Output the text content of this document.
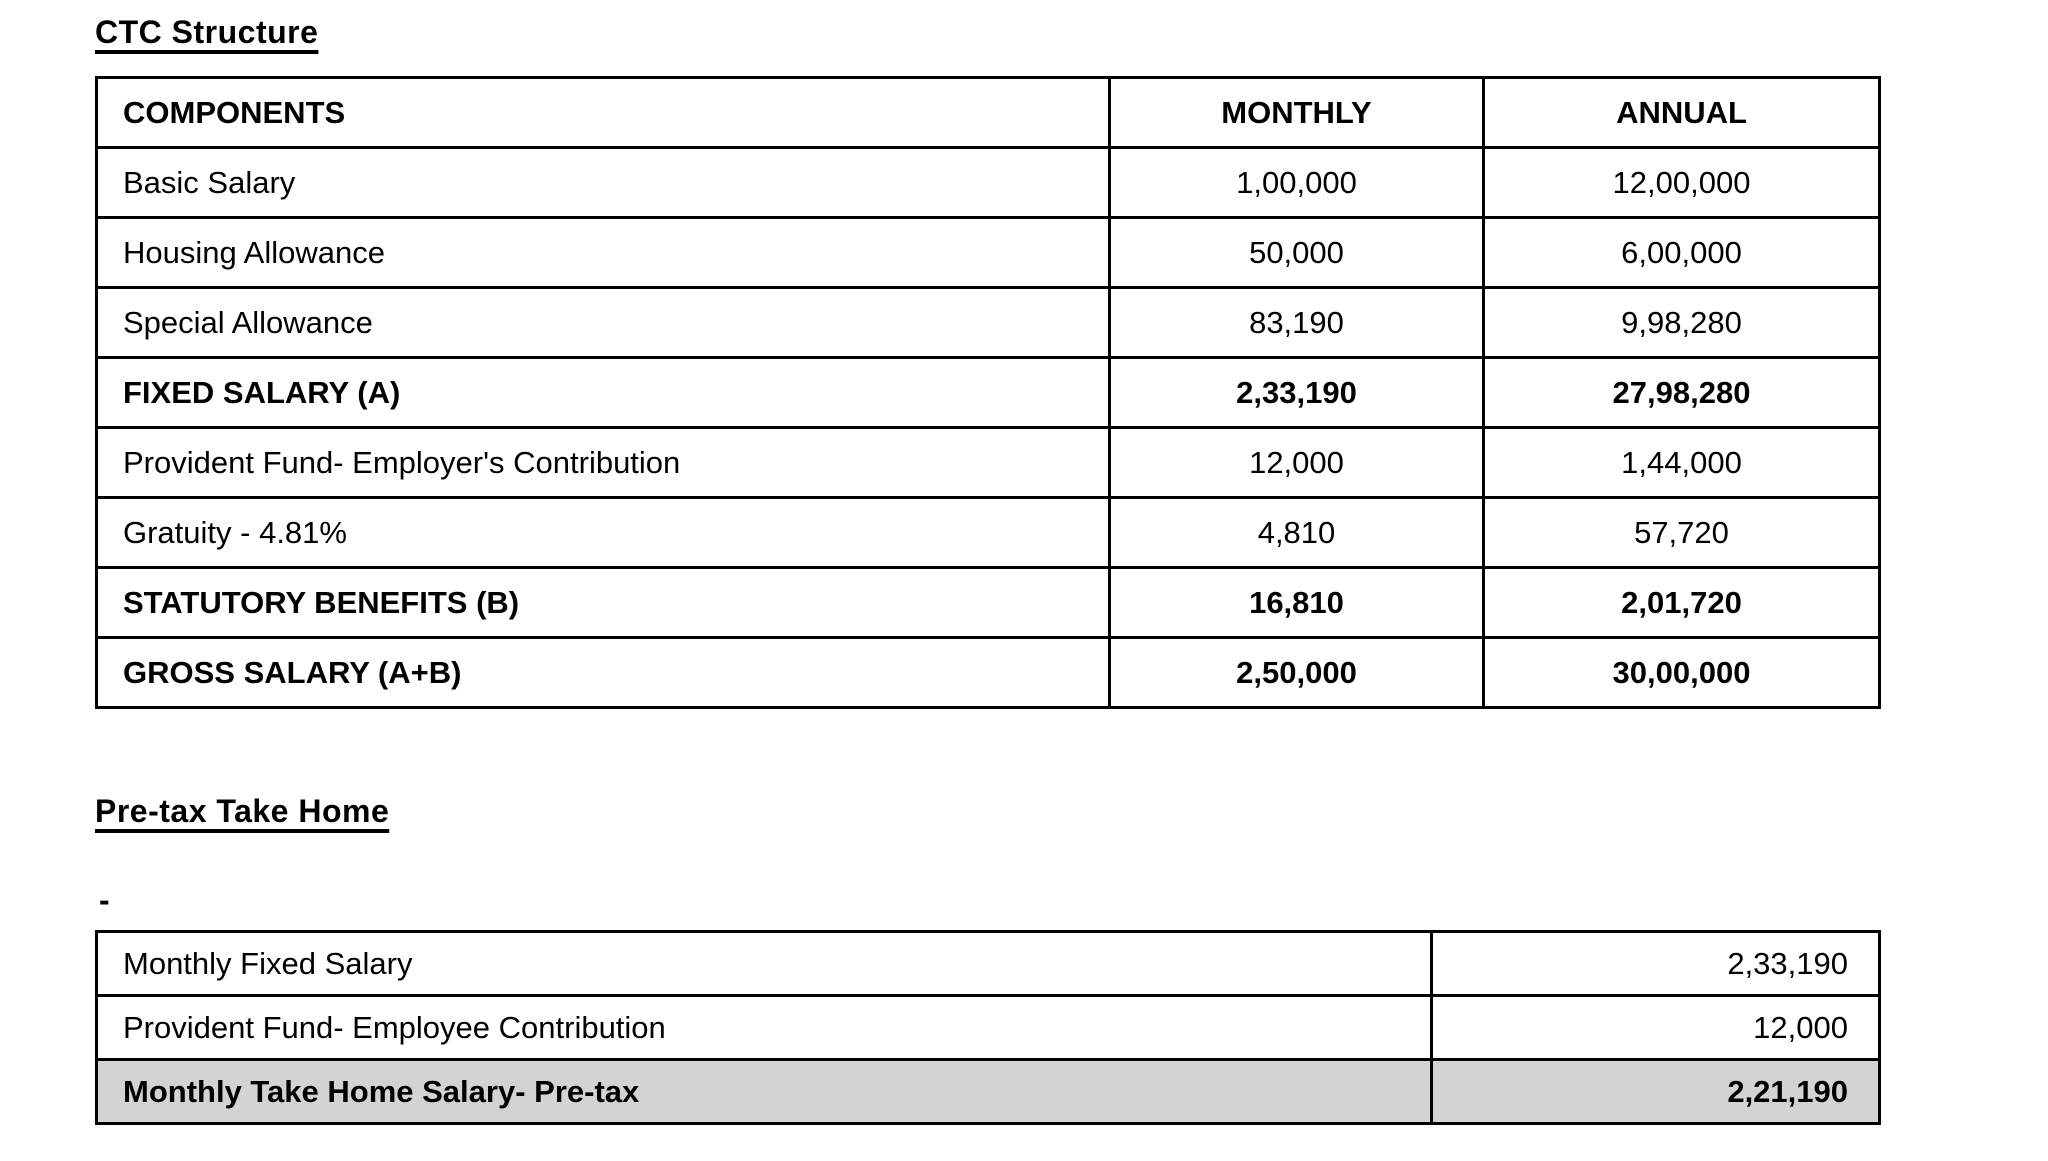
CTC Structure
COMPONENTS	MONTHLY	ANNUAL
Basic Salary	1,00,000	12,00,000
Housing Allowance	50,000	6,00,000
Special Allowance	83,190	9,98,280
FIXED SALARY (A)	2,33,190	27,98,280
Provident Fund- Employer's Contribution	12,000	1,44,000
Gratuity - 4.81%	4,810	57,720
STATUTORY BENEFITS (B)	16,810	2,01,720
GROSS SALARY (A+B)	2,50,000	30,00,000
Pre-tax Take Home
-
Monthly Fixed Salary	2,33,190
Provident Fund- Employee Contribution	12,000
Monthly Take Home Salary- Pre-tax	2,21,190
